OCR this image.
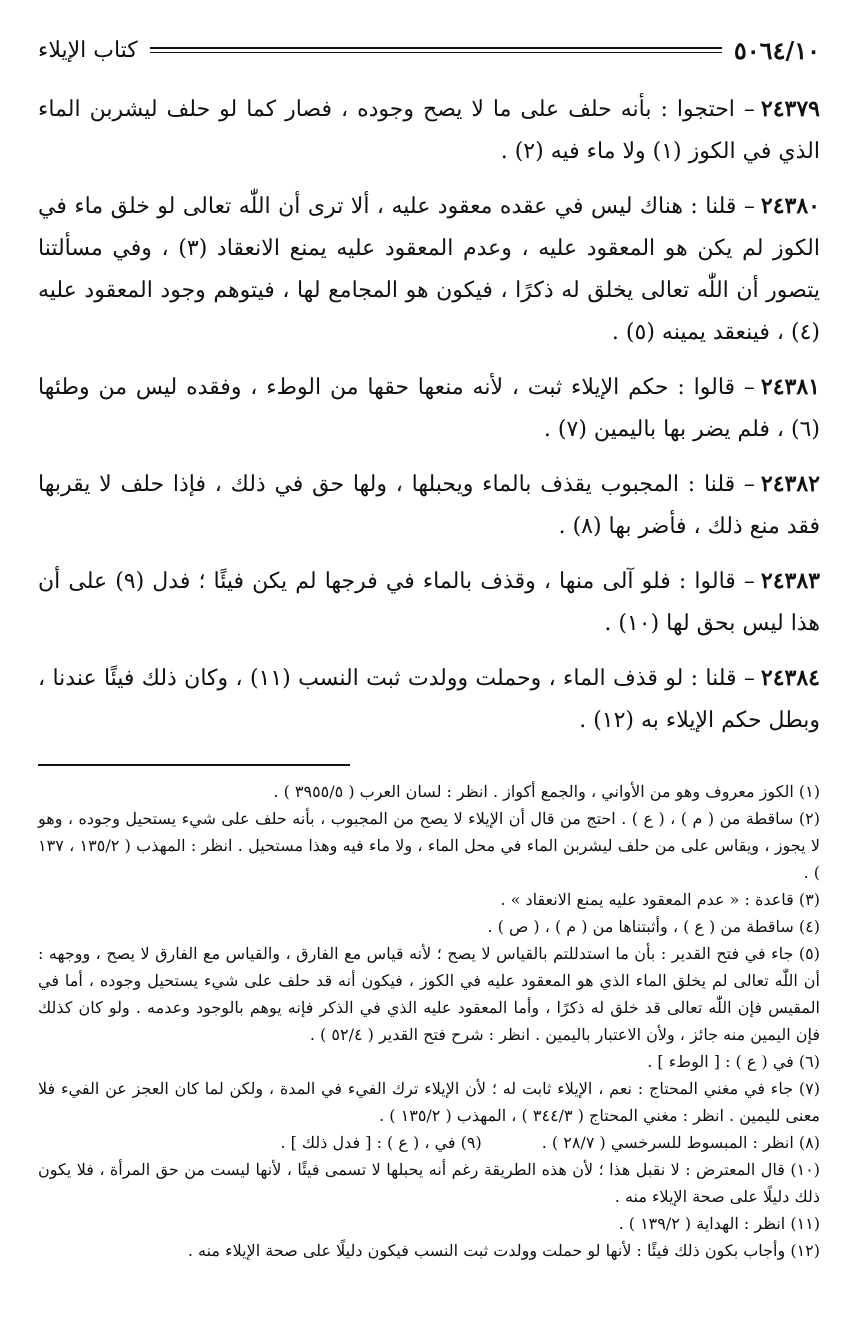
٥٠٦٤/١٠
كتاب الإيلاء

٢٤٣٧٩– احتجوا : بأنه حلف على ما لا يصح وجوده ، فصار كما لو حلف ليشربن الماء الذي في الكوز (١) ولا ماء فيه (٢) .

٢٤٣٨٠– قلنا : هناك ليس في عقده معقود عليه ، ألا ترى أن اللّٰه تعالى لو خلق ماء في الكوز لم يكن هو المعقود عليه ، وعدم المعقود عليه يمنع الانعقاد (٣) ، وفي مسألتنا يتصور أن اللّٰه تعالى يخلق له ذكرًا ، فيكون هو المجامع لها ، فيتوهم وجود المعقود عليه (٤) ، فينعقد يمينه (٥) .

٢٤٣٨١– قالوا : حكم الإيلاء ثبت ، لأنه منعها حقها من الوطء ، وفقده ليس من وطئها (٦) ، فلم يضر بها باليمين (٧) .

٢٤٣٨٢– قلنا : المجبوب يقذف بالماء ويحبلها ، ولها حق في ذلك ، فإذا حلف لا يقربها فقد منع ذلك ، فأضر بها (٨) .

٢٤٣٨٣– قالوا : فلو آلى منها ، وقذف بالماء في فرجها لم يكن فيئًا ؛ فدل (٩) على أن هذا ليس بحق لها (١٠) .

٢٤٣٨٤– قلنا : لو قذف الماء ، وحملت وولدت ثبت النسب (١١) ، وكان ذلك فيئًا عندنا ، وبطل حكم الإيلاء به (١٢) .

(١) الكوز معروف وهو من الأواني ، والجمع أكواز . انظر : لسان العرب ( ٣٩٥٥/٥ ) .

(٢) ساقطة من ( م ) ، ( ع ) . احتج من قال أن الإيلاء لا يصح من المجبوب ، بأنه حلف على شيء يستحيل وجوده ، وهو لا يجوز ، ويقاس على من حلف ليشربن الماء في محل الماء ، ولا ماء فيه وهذا مستحيل . انظر : المهذب ( ١٣٥/٢ ، ١٣٧ ) .

(٣) قاعدة : « عدم المعقود عليه يمنع الانعقاد » .

(٤) ساقطة من ( ع ) ، وأثبتناها من ( م ) ، ( ص ) .

(٥) جاء في فتح القدير : بأن ما استدللتم بالقياس لا يصح ؛ لأنه قياس مع الفارق ، والقياس مع الفارق لا يصح ، ووجهه : أن اللّٰه تعالى لم يخلق الماء الذي هو المعقود عليه في الكوز ، فيكون أنه قد حلف على شيء يستحيل وجوده ، أما في المقيس فإن اللّٰه تعالى قد خلق له ذكرًا ، وأما المعقود عليه الذي في الذكر فإنه يوهم بالوجود وعدمه . ولو كان كذلك فإن اليمين منه جائز ، ولأن الاعتبار باليمين . انظر : شرح فتح القدير ( ٥٢/٤ ) .

(٦) في ( ع ) : [ الوطء ] .

(٧) جاء في مغني المحتاج : نعم ، الإيلاء ثابت له ؛ لأن الإيلاء ترك الفيء في المدة ، ولكن لما كان العجز عن الفيء فلا معنى لليمين . انظر : مغني المحتاج ( ٣٤٤/٣ ) ، المهذب ( ١٣٥/٢ ) .

(٨) انظر : المبسوط للسرخسي ( ٢٨/٧ ) .
(٩) في ، ( ع ) : [ فدل ذلك ] .

(١٠) قال المعترض : لا نقبل هذا ؛ لأن هذه الطريقة رغم أنه يحبلها لا تسمى فيئًا ، لأنها ليست من حق المرأة ، فلا يكون ذلك دليلًا على صحة الإيلاء منه .

(١١) انظر : الهداية ( ١٣٩/٢ ) .

(١٢) وأجاب بكون ذلك فيئًا : لأنها لو حملت وولدت ثبت النسب فيكون دليلًا على صحة الإيلاء منه .
